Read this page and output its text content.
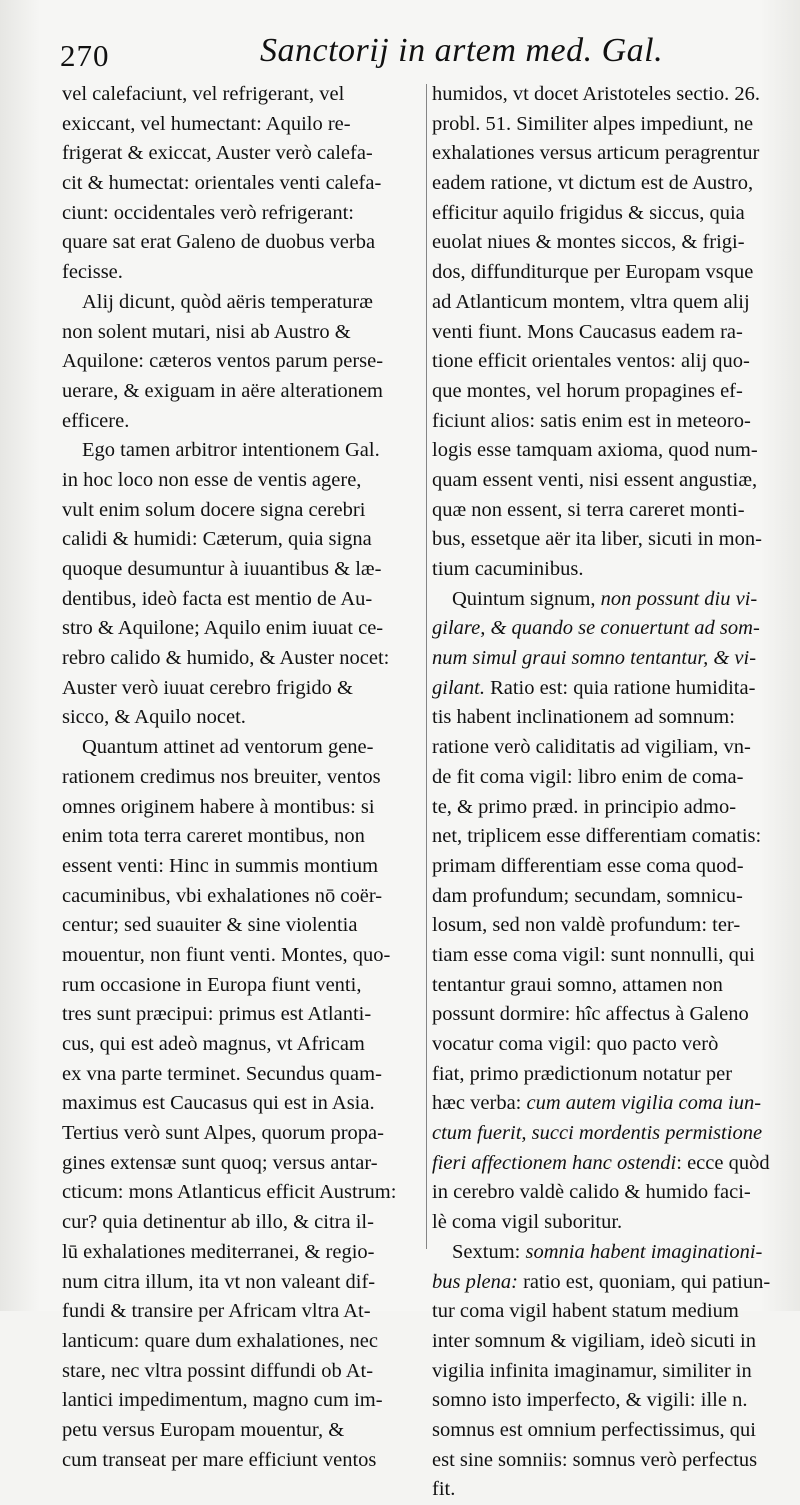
270	Sanctorij in artem med. Gal.
vel calefaciunt, vel refrigerant, vel
exiccant, vel humectant: Aquilo re-
frigerat & exiccat, Auster verò calefa-
cit & humectat: orientales venti calefa-
ciunt: occidentales verò refrigerant:
quare sat erat Galeno de duobus verba
fecisse.
Alij dicunt, quòd aëris temperaturæ
non solent mutari, nisi ab Austro &
Aquilone: cæteros ventos parum perse-
uerare, & exiguam in aëre alterationem
efficere.
Ego tamen arbitror intentionem Gal.
in hoc loco non esse de ventis agere,
vult enim solum docere signa cerebri
calidi & humidi: Cæterum, quia signa
quoque desumuntur à iuuantibus & læ-
dentibus, ideò facta est mentio de Au-
stro & Aquilone; Aquilo enim iuuat ce-
rebro calido & humido, & Auster nocet:
Auster verò iuuat cerebro frigido &
sicco, & Aquilo nocet.
Quantum attinet ad ventorum gene-
rationem credimus nos breuiter, ventos
omnes originem habere à montibus: si
enim tota terra careret montibus, non
essent venti: Hinc in summis montium
cacuminibus, vbi exhalationes nō coër-
centur; sed suauiter & sine violentia
mouentur, non fiunt venti. Montes, quo-
rum occasione in Europa fiunt venti,
tres sunt præcipui: primus est Atlanti-
cus, qui est adeò magnus, vt Africam
ex vna parte terminet. Secundus quam-
maximus est Caucasus qui est in Asia.
Tertius verò sunt Alpes, quorum propa-
gines extensæ sunt quoq; versus antar-
cticum: mons Atlanticus efficit Austrum:
cur? quia detinentur ab illo, & citra il-
lū exhalationes mediterranei, & regio-
num citra illum, ita vt non valeant dif-
fundi & transire per Africam vltra At-
lanticum: quare dum exhalationes, nec
stare, nec vltra possint diffundi ob At-
lantici impedimentum, magno cum im-
petu versus Europam mouentur, &
cum transeat per mare efficiunt ventos
humidos, vt docet Aristoteles sectio. 26.
probl. 51. Similiter alpes impediunt, ne
exhalationes versus articum peragrentur
eadem ratione, vt dictum est de Austro,
efficitur aquilo frigidus & siccus, quia
euolat niues & montes siccos, & frigi-
dos, diffunditurque per Europam vsque
ad Atlanticum montem, vltra quem alij
venti fiunt. Mons Caucasus eadem ra-
tione efficit orientales ventos: alij quo-
que montes, vel horum propagines ef-
ficiunt alios: satis enim est in meteoro-
logis esse tamquam axioma, quod num-
quam essent venti, nisi essent angustiæ,
quæ non essent, si terra careret monti-
bus, essetque aër ita liber, sicuti in mon-
tium cacuminibus.
Quintum signum, non possunt diu vi-
gilare, & quando se conuertunt ad som-
num simul graui somno tentantur, & vi-
gilant. Ratio est: quia ratione humidita-
tis habent inclinationem ad somnum:
ratione verò caliditatis ad vigiliam, vn-
de fit coma vigil: libro enim de coma-
te, & primo præd. in principio admo-
net, triplicem esse differentiam comatis:
primam differentiam esse coma quod-
dam profundum; secundam, somnicu-
losum, sed non valdè profundum: ter-
tiam esse coma vigil: sunt nonnulli, qui
tentantur graui somno, attamen non
possunt dormire: hîc affectus à Galeno
vocatur coma vigil: quo pacto verò
fiat, primo prædictionum notatur per
hæc verba: cum autem vigilia coma iun-
ctum fuerit, succi mordentis permistione
fieri affectionem hanc ostendi: ecce quòd
in cerebro valdè calido & humido faci-
lè coma vigil suboritur.
Sextum: somnia habent imaginationi-
bus plena: ratio est, quoniam, qui patiun-
tur coma vigil habent statum medium
inter somnum & vigiliam, ideò sicuti in
vigilia infinita imaginamur, similiter in
somno isto imperfecto, & vigili: ille n.
somnus est omnium perfectissimus, qui
est sine somniis: somnus verò perfectus
fit.
